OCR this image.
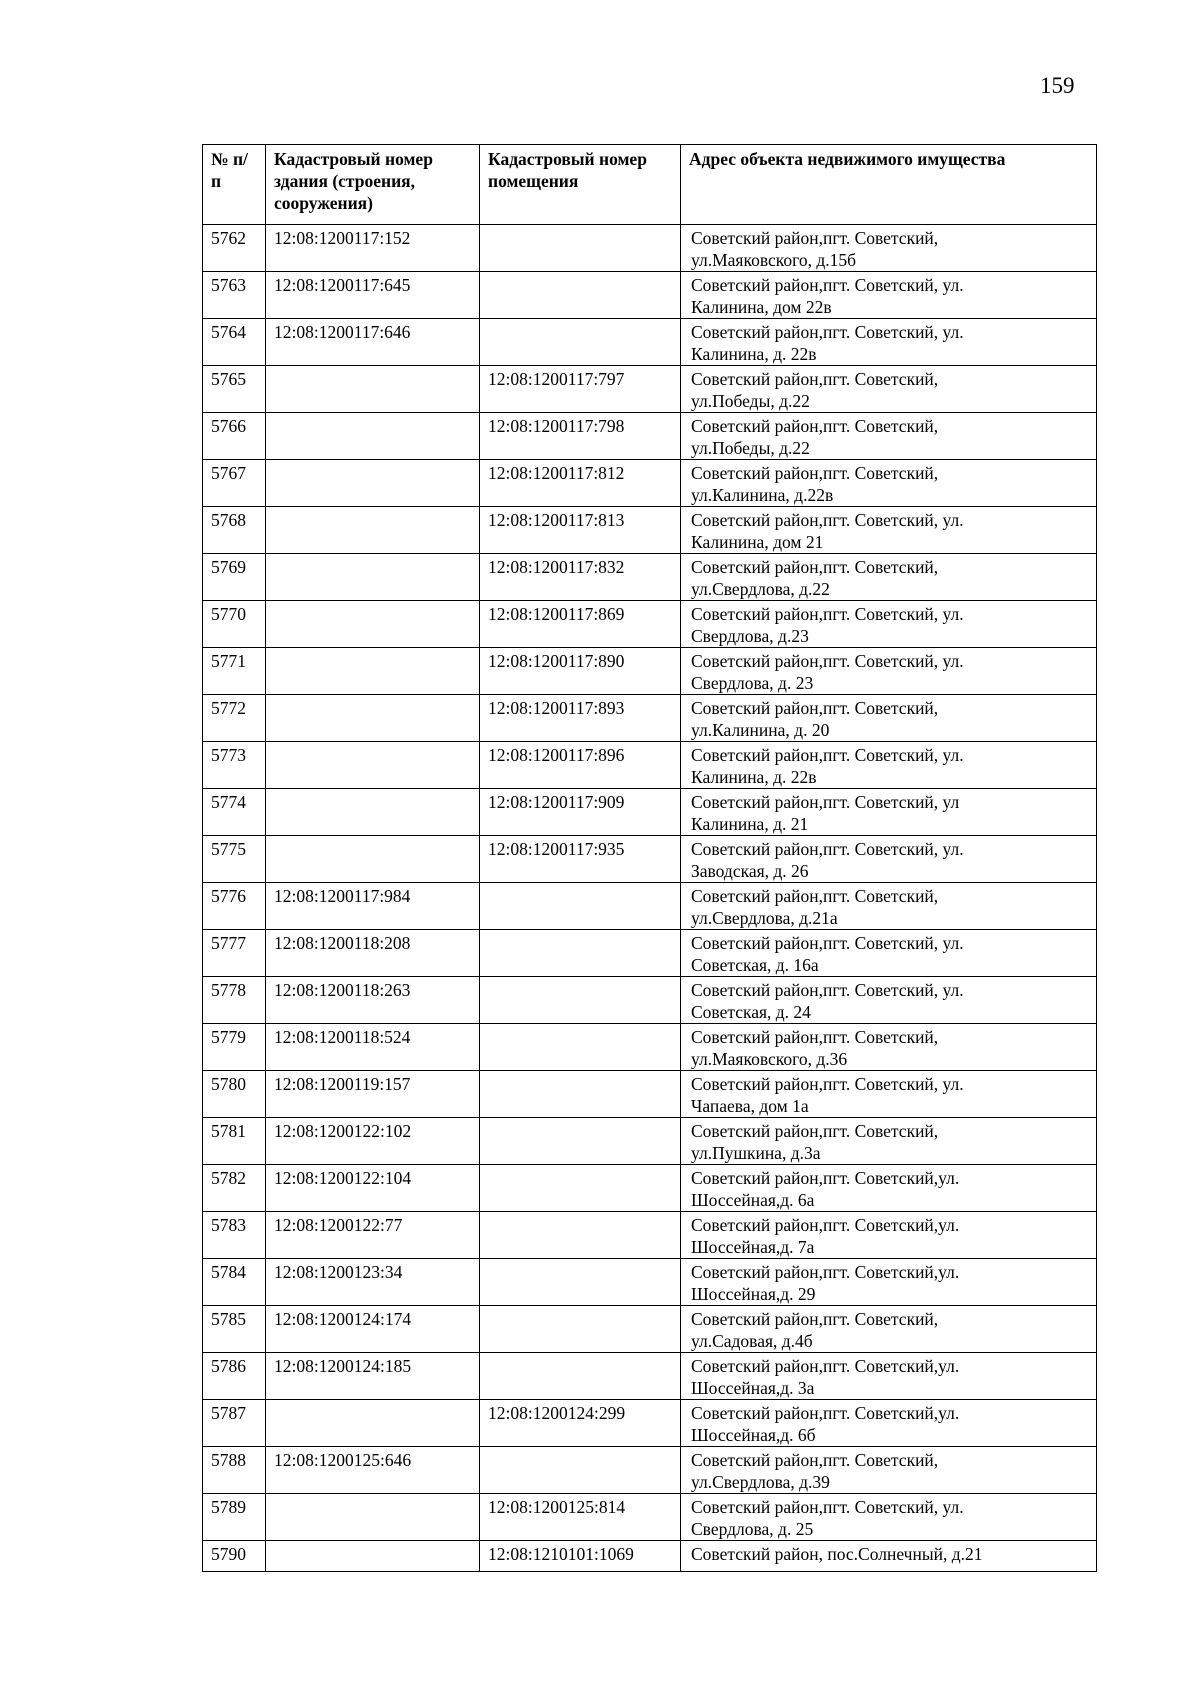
159
№ п/п	Кадастровый номер здания (строения, сооружения)	Кадастровый номер помещения	Адрес объекта недвижимого имущества
5762	12:08:1200117:152		Советский район,пгт. Советский,
ул.Маяковского, д.15б
5763	12:08:1200117:645		Советский район,пгт. Советский, ул.
Калинина, дом 22в
5764	12:08:1200117:646		Советский район,пгт. Советский, ул.
Калинина, д. 22в
5765		12:08:1200117:797	Советский район,пгт. Советский,
ул.Победы, д.22
5766		12:08:1200117:798	Советский район,пгт. Советский,
ул.Победы, д.22
5767		12:08:1200117:812	Советский район,пгт. Советский,
ул.Калинина, д.22в
5768		12:08:1200117:813	Советский район,пгт. Советский, ул.
Калинина, дом 21
5769		12:08:1200117:832	Советский район,пгт. Советский,
ул.Свердлова, д.22
5770		12:08:1200117:869	Советский район,пгт. Советский, ул.
Свердлова, д.23
5771		12:08:1200117:890	Советский район,пгт. Советский, ул.
Свердлова, д. 23
5772		12:08:1200117:893	Советский район,пгт. Советский,
ул.Калинина, д. 20
5773		12:08:1200117:896	Советский район,пгт. Советский, ул.
Калинина, д. 22в
5774		12:08:1200117:909	Советский район,пгт. Советский, ул
Калинина, д. 21
5775		12:08:1200117:935	Советский район,пгт. Советский, ул.
Заводская, д. 26
5776	12:08:1200117:984		Советский район,пгт. Советский,
ул.Свердлова, д.21а
5777	12:08:1200118:208		Советский район,пгт. Советский, ул.
Советская, д. 16а
5778	12:08:1200118:263		Советский район,пгт. Советский, ул.
Советская, д. 24
5779	12:08:1200118:524		Советский район,пгт. Советский,
ул.Маяковского, д.36
5780	12:08:1200119:157		Советский район,пгт. Советский, ул.
Чапаева, дом 1а
5781	12:08:1200122:102		Советский район,пгт. Советский,
ул.Пушкина, д.3а
5782	12:08:1200122:104		Советский район,пгт. Советский,ул.
Шоссейная,д. 6а
5783	12:08:1200122:77		Советский район,пгт. Советский,ул.
Шоссейная,д. 7а
5784	12:08:1200123:34		Советский район,пгт. Советский,ул.
Шоссейная,д. 29
5785	12:08:1200124:174		Советский район,пгт. Советский,
ул.Садовая, д.4б
5786	12:08:1200124:185		Советский район,пгт. Советский,ул.
Шоссейная,д. 3а
5787		12:08:1200124:299	Советский район,пгт. Советский,ул.
Шоссейная,д. 6б
5788	12:08:1200125:646		Советский район,пгт. Советский,
ул.Свердлова, д.39
5789		12:08:1200125:814	Советский район,пгт. Советский, ул.
Свердлова, д. 25
5790		12:08:1210101:1069	Советский район, пос.Солнечный, д.21
